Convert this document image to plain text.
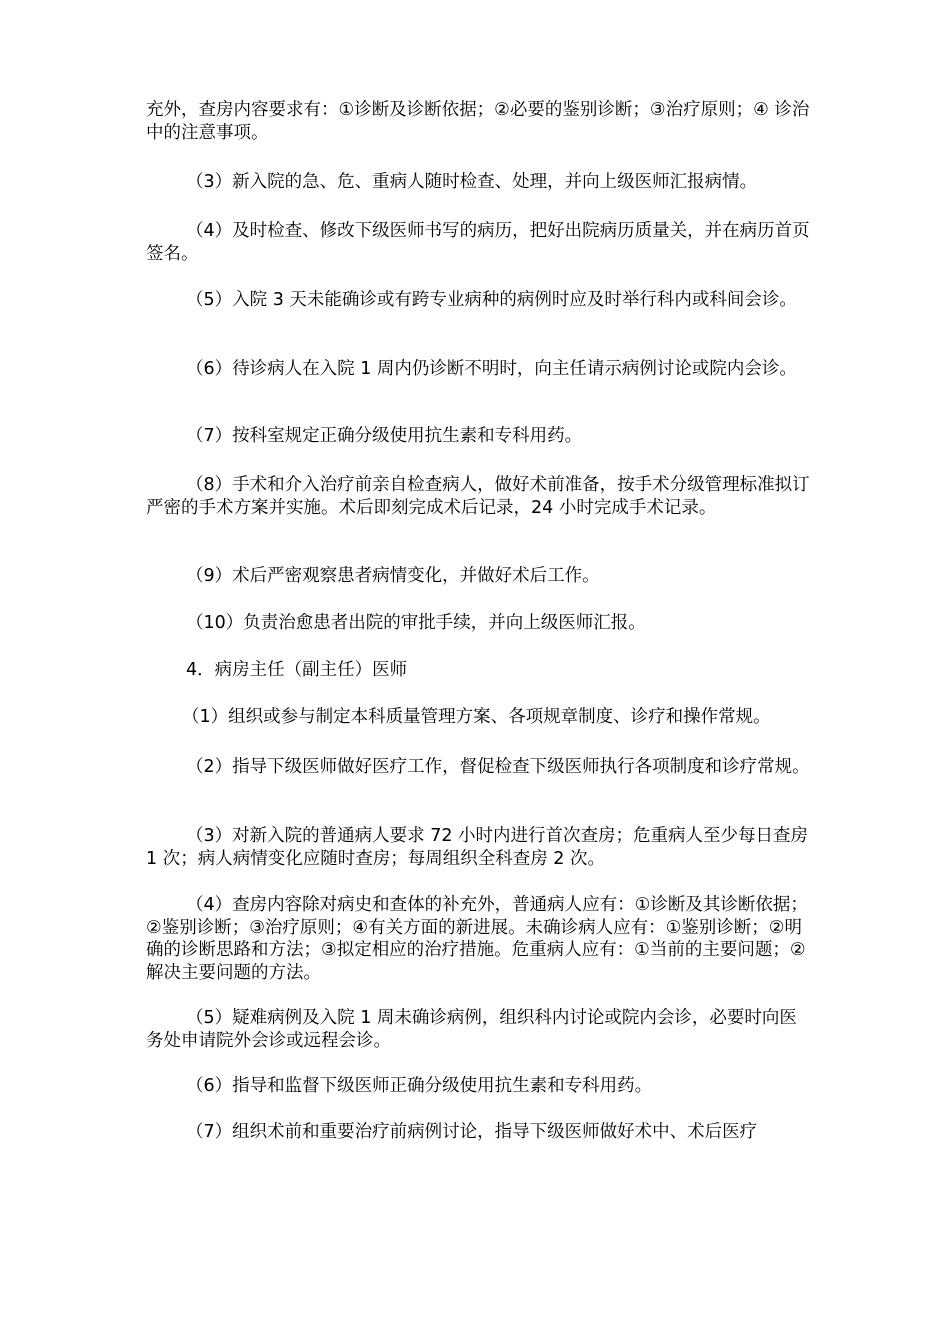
充外，查房内容要求有：①诊断及诊断依据；②必要的鉴别诊断；③治疗原则；④ 诊治中的注意事项。

（3）新入院的急、危、重病人随时检查、处理，并向上级医师汇报病情。

（4）及时检查、修改下级医师书写的病历，把好出院病历质量关，并在病历首页签名。

（5）入院 3 天未能确诊或有跨专业病种的病例时应及时举行科内或科间会诊。

（6）待诊病人在入院 1 周内仍诊断不明时，向主任请示病例讨论或院内会诊。

（7）按科室规定正确分级使用抗生素和专科用药。

（8）手术和介入治疗前亲自检查病人，做好术前准备，按手术分级管理标准拟订严密的手术方案并实施。术后即刻完成术后记录，24 小时完成手术记录。

（9）术后严密观察患者病情变化，并做好术后工作。

（10）负责治愈患者出院的审批手续，并向上级医师汇报。

4．病房主任（副主任）医师

（1）组织或参与制定本科质量管理方案、各项规章制度、诊疗和操作常规。

（2）指导下级医师做好医疗工作，督促检查下级医师执行各项制度和诊疗常规。

（3）对新入院的普通病人要求 72 小时内进行首次查房；危重病人至少每日查房 1 次；病人病情变化应随时查房；每周组织全科查房 2 次。

（4）查房内容除对病史和查体的补充外，普通病人应有：①诊断及其诊断依据；②鉴别诊断；③治疗原则；④有关方面的新进展。未确诊病人应有：①鉴别诊断；②明确的诊断思路和方法；③拟定相应的治疗措施。危重病人应有：①当前的主要问题；②解决主要问题的方法。

（5）疑难病例及入院 1 周未确诊病例，组织科内讨论或院内会诊，必要时向医务处申请院外会诊或远程会诊。

（6）指导和监督下级医师正确分级使用抗生素和专科用药。

（7）组织术前和重要治疗前病例讨论，指导下级医师做好术中、术后医疗
